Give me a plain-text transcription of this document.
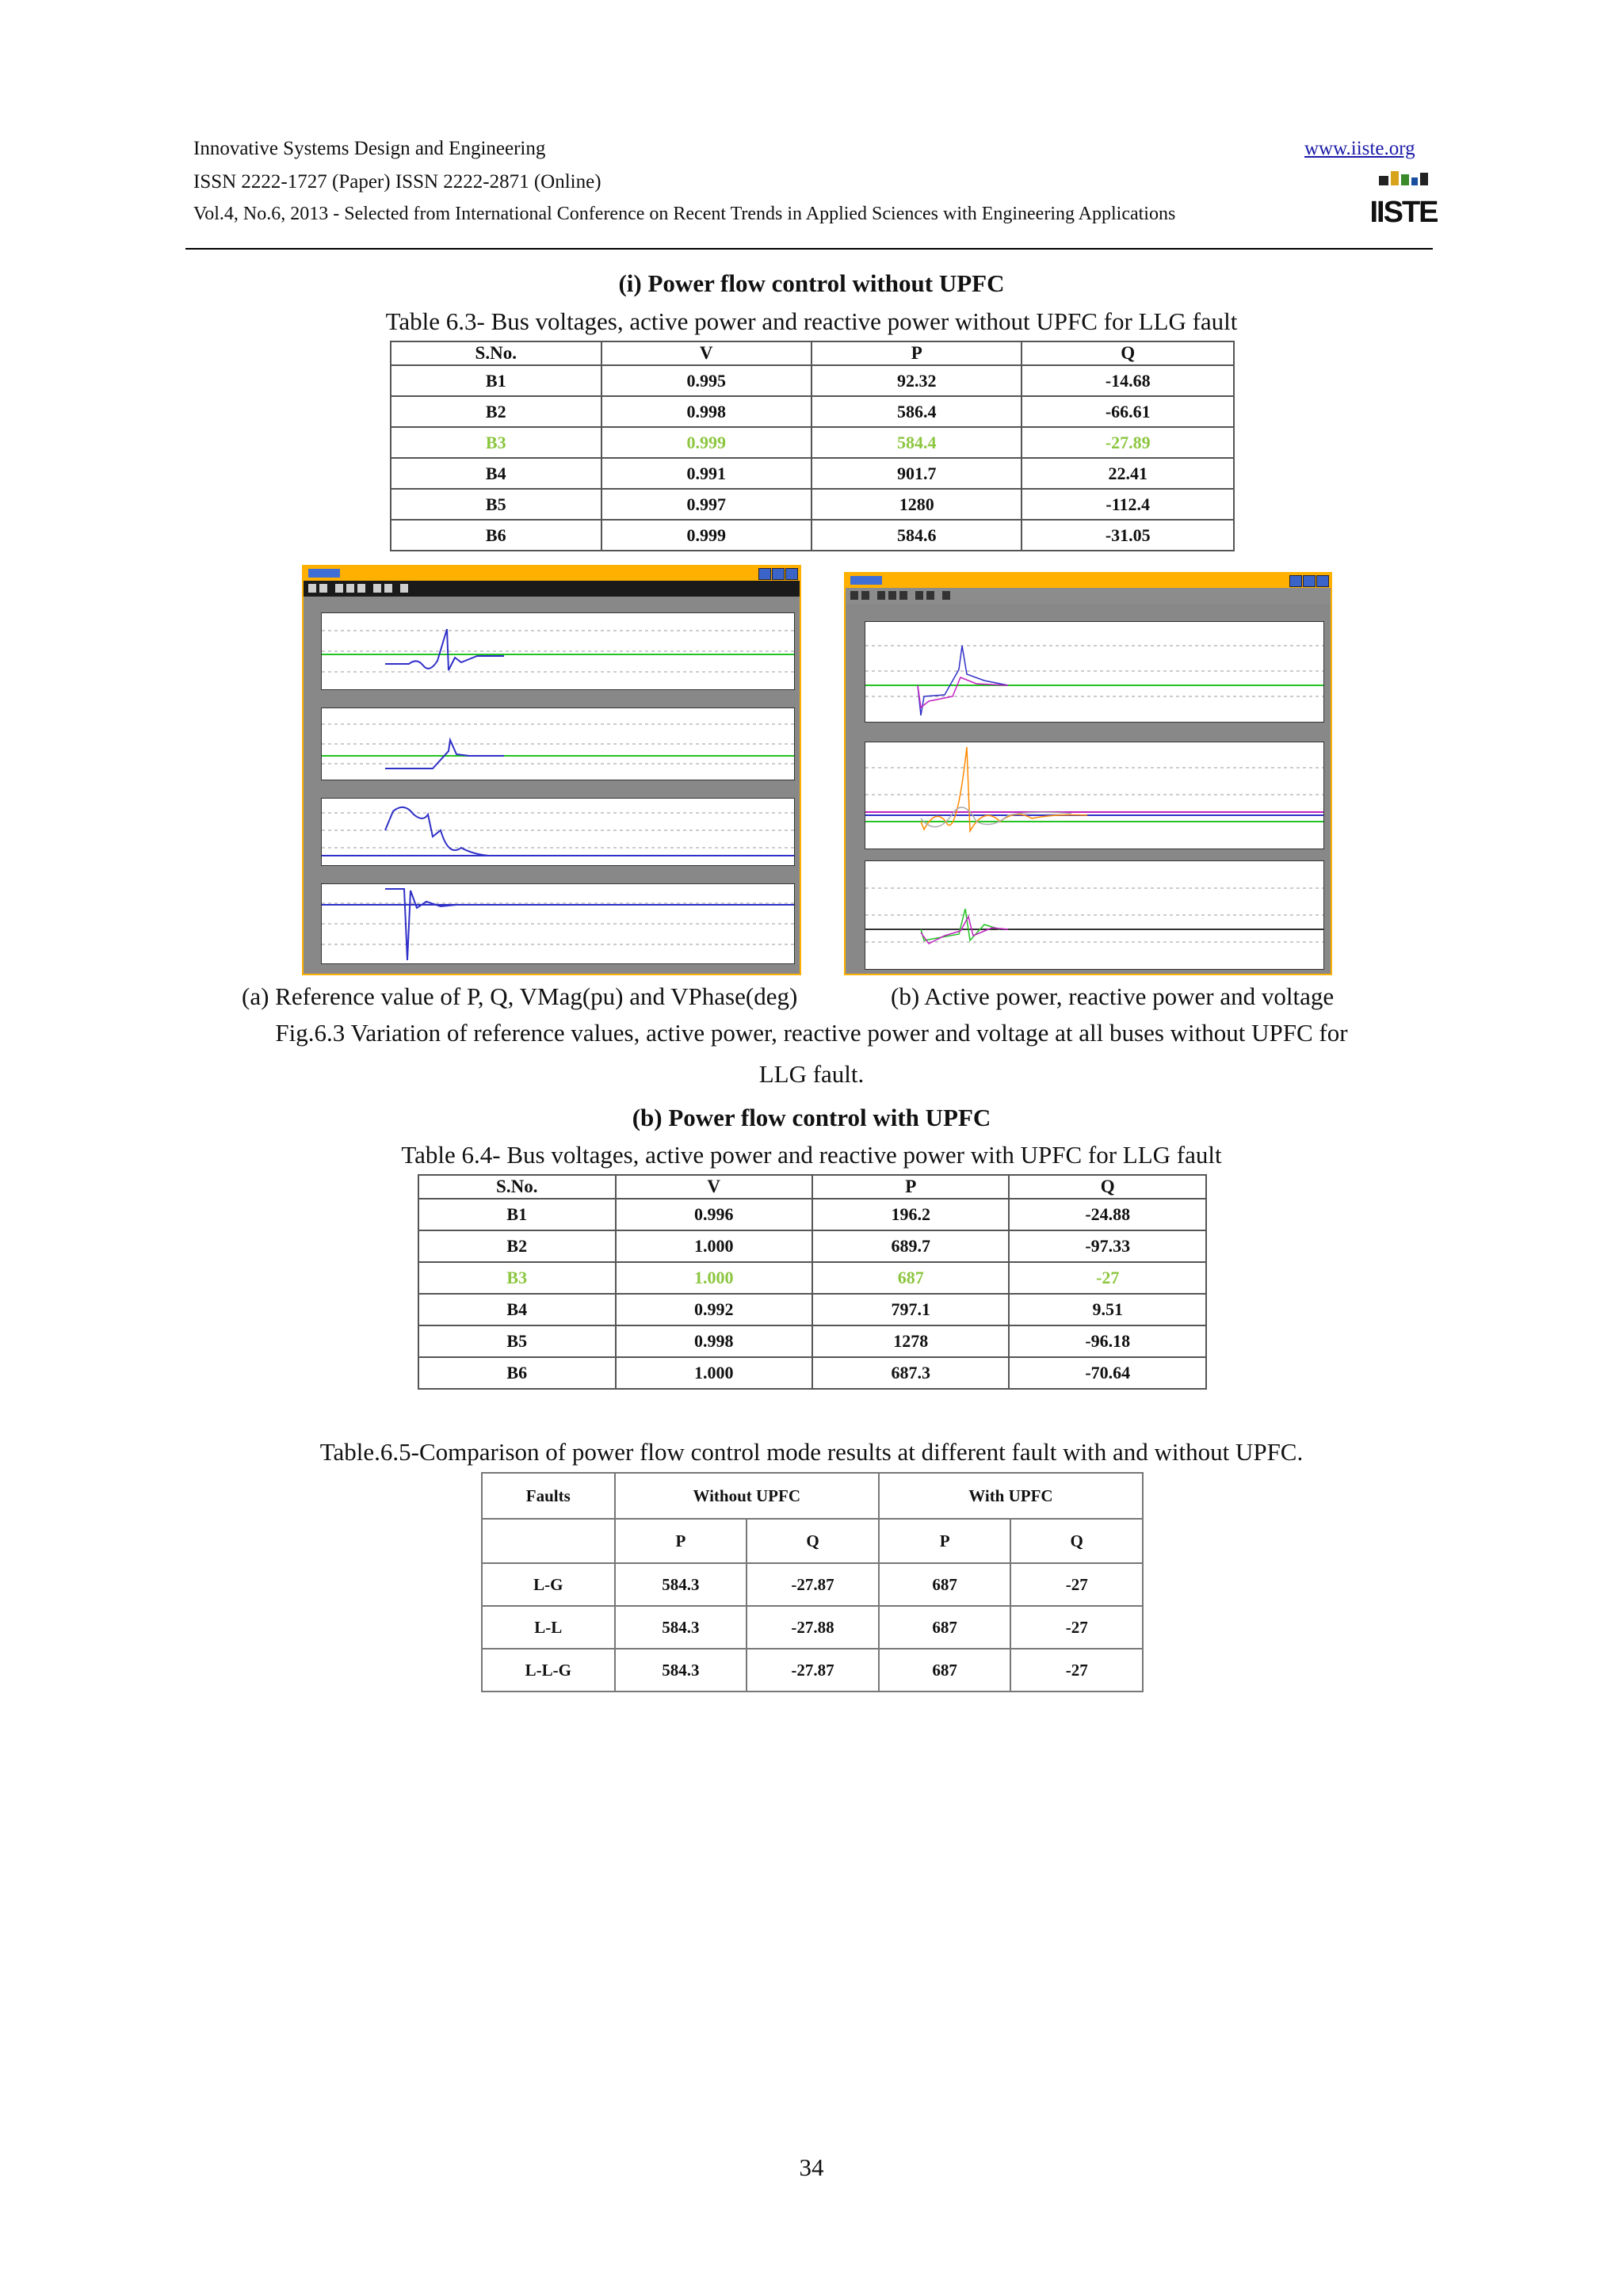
Innovative Systems Design and Engineering
ISSN 2222-1727 (Paper) ISSN 2222-2871 (Online)
Vol.4, No.6, 2013 - Selected from International Conference on Recent Trends in Applied Sciences with Engineering Applications
www.iiste.org
IISTE
(i) Power flow control without UPFC
Table 6.3- Bus voltages, active power and reactive power without UPFC for LLG fault
S.No.	V	P	Q
B1	0.995	92.32	-14.68
B2	0.998	586.4	-66.61
B3	0.999	584.4	-27.89
B4	0.991	901.7	22.41
B5	0.997	1280	-112.4
B6	0.999	584.6	-31.05
(a) Reference value of P, Q, VMag(pu) and VPhase(deg)	(b) Active power, reactive power and voltage
Fig.6.3 Variation of reference values, active power, reactive power and voltage at all buses without UPFC for
LLG fault.
(b) Power flow control with UPFC
Table 6.4- Bus voltages, active power and reactive power with UPFC for LLG fault
S.No.	V	P	Q
B1	0.996	196.2	-24.88
B2	1.000	689.7	-97.33
B3	1.000	687	-27
B4	0.992	797.1	9.51
B5	0.998	1278	-96.18
B6	1.000	687.3	-70.64
Table.6.5-Comparison of power flow control mode results at different fault with and without UPFC.
Faults	Without UPFC		With UPFC	
	P	Q	P	Q
L-G	584.3	-27.87	687	-27
L-L	584.3	-27.88	687	-27
L-L-G	584.3	-27.87	687	-27
34
